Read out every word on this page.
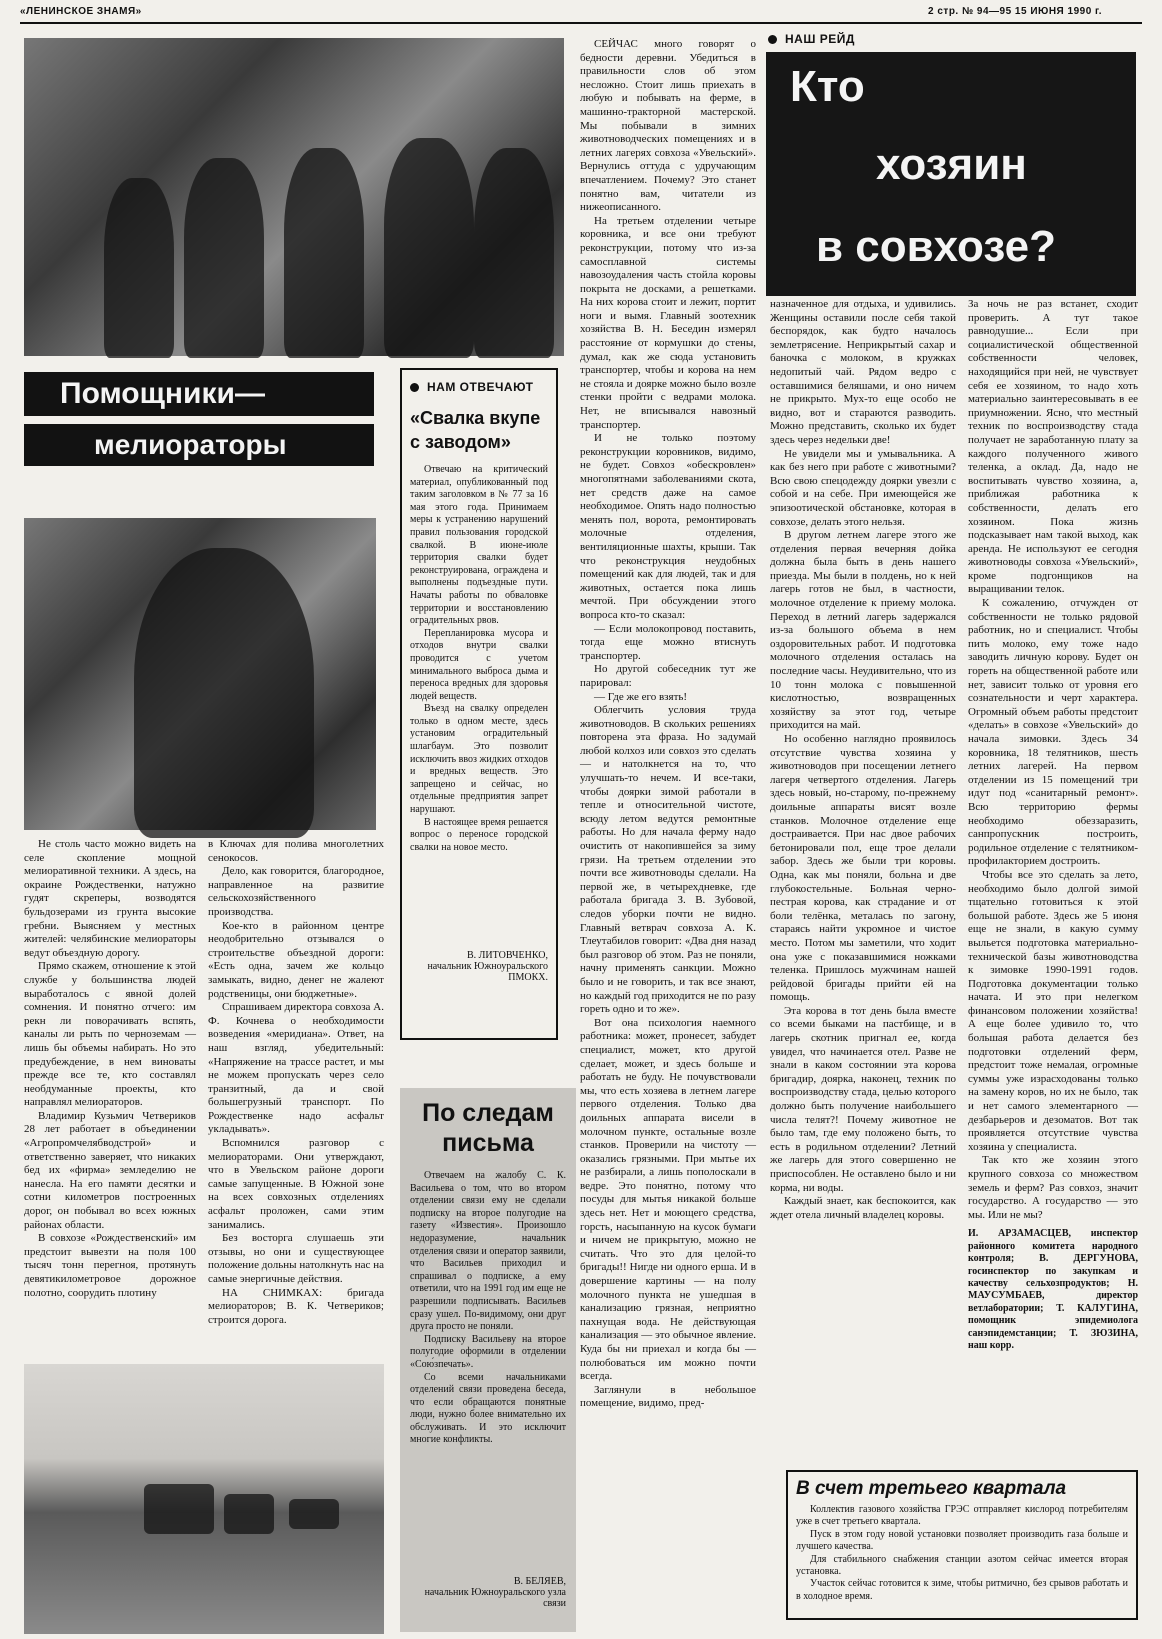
«ЛЕНИНСКОЕ ЗНАМЯ»	2 стр. № 94—95 15 ИЮНЯ 1990 г.
Помощники—
мелиораторы

Не столь часто можно видеть на селе скопление мощной мелиоративной техники. А здесь, на окраине Рождественки, натужно гудят скреперы, возводятся бульдозерами из грунта высокие гребни. Выясняем у местных жителей: челябинские мелиораторы ведут объездную дорогу.

Прямо скажем, отношение к этой службе у большинства людей выработалось с явной долей сомнения. И понятно отчего: им рекн ли поворачивать вспять, каналы ли рыть по черноземам — лишь бы объемы набирать. Но это предубеждение, в нем виноваты прежде все те, кто составлял необдуманные проекты, кто направлял мелиораторов.

Владимир Кузьмич Четвериков 28 лет работает в объединении «Агропромчелябводстрой» и ответственно заверяет, что никаких бед их «фирма» земледелию не нанесла. На его памяти десятки и сотни километров построенных дорог, он побывал во всех южных районах области.

В совхозе «Рождественский» им предстоит вывезти на поля 100 тысяч тонн перегноя, протянуть девятикилометровое дорожное полотно, соорудить плотину

в Ключах для полива многолетних сенокосов.

Дело, как говорится, благородное, направленное на развитие сельскохозяйственного производства.

Кое-кто в районном центре неодобрительно отзывался о строительстве объездной дороги: «Есть одна, зачем же кольцо замыкать, видно, денег не жалеют родственицы, они бюджетные».

Спрашиваем директора совхоза А. Ф. Кочнева о необходимости возведения «меридиана». Ответ, на наш взгляд, убедительный: «Напряжение на трассе растет, и мы не можем пропускать через село транзитный, да и свой большегрузный транспорт. По Рождественке надо асфальт укладывать».

Вспомнился разговор с мелиораторами. Они утверждают, что в Увельском районе дороги самые запущенные. В Южной зоне на всех совхозных отделениях асфальт проложен, сами этим занимались.

Без восторга слушаешь эти отзывы, но они и существующее положение дольны натолкнуть нас на самые энергичные действия.

НА СНИМКАХ: бригада мелиораторов; В. К. Четвериков; строится дорога.

НАМ ОТВЕЧАЮТ
«Свалка вкупе с заводом»

Отвечаю на критический материал, опубликованный под таким заголовком в № 77 за 16 мая этого года. Принимаем меры к устранению нарушений правил пользования городской свалкой. В июне-июле территория свалки будет реконструирована, ограждена и выполнены подъездные пути. Начаты работы по обваловке территории и восстановлению оградительных рвов.

Перепланировка мусора и отходов внутри свалки проводится с учетом минимального выброса дыма и переноса вредных для здоровья людей веществ.

Въезд на свалку определен только в одном месте, здесь установим оградительный шлагбаум. Это позволит исключить ввоз жидких отходов и вредных веществ. Это запрещено и сейчас, но отдельные предприятия запрет нарушают.

В настоящее время решается вопрос о переносе городской свалки на новое место.

В. ЛИТОВЧЕНКО,
начальник Южноуральского ПМОКХ.
По следам письма

Отвечаем на жалобу С. К. Васильева о том, что во втором отделении связи ему не сделали подписку на второе полугодие на газету «Известия». Произошло недоразумение, начальник отделения связи и оператор заявили, что Васильев приходил и спрашивал о подписке, а ему ответили, что на 1991 год им еще не разрешили подписывать. Васильев сразу ушел. По-видимому, они друг друга просто не поняли.

Подписку Васильеву на второе полугодие оформили в отделении «Сою́зпечать».

Со всеми начальниками отделений связи проведена беседа, что если обращаются понятные люди, нужно более внимательно их обслуживать. И это исключит многие конфликты.

В. БЕЛЯЕВ,
начальник Южноуральского узла связи
НАШ РЕЙД
Кто
хозяин
в совхозе?

СЕЙЧАС много говорят о бедности деревни. Убедиться в правильности слов об этом несложно. Стоит лишь приехать в любую и побывать на ферме, в машинно-тракторной мастерской. Мы побывали в зимних животноводческих помещениях и в летних лагерях совхоза «Увельский». Вернулись оттуда с удручающим впечатлением. Почему? Это станет понятно вам, читатели из нижеописанного.

На третьем отделении четыре коровника, и все они требуют реконструкции, потому что из-за самосплавной системы навозоудаления часть стойла коровы покрыта не досками, а решетками. На них корова стоит и лежит, портит ноги и вымя. Главный зоотехник хозяйства В. Н. Беседин измерял расстояние от кормушки до стены, думал, как же сюда установить транспортер, чтобы и корова на нем не стояла и доярке можно было возле стенки пройти с ведрами молока. Нет, не вписывался навозный транспортер.

И не только поэтому реконструкции коровников, видимо, не будет. Совхоз «обескровлен» многопятнами заболеваниями скота, нет средств даже на самое необходимое. Опять надо полностью менять пол, ворота, ремонтировать молочные отделения, вентиляционные шахты, крыши. Так что реконструкция неудобных помещений как для людей, так и для животных, остается пока лишь мечтой. При обсуждении этого вопроса кто-то сказал:

— Если молокопровод поставить, тогда еще можно втиснуть транспортер.

Но другой собеседник тут же парировал:

— Где же его взять!

Облегчить условия труда животноводов. В скольких решениях повторена эта фраза. Но задумай любой колхоз или совхоз это сделать — и натолкнется на то, что улучшать-то нечем. И все-таки, чтобы доярки зимой работали в тепле и относительной чистоте, всюду летом ведутся ремонтные работы. Но для начала ферму надо очистить от накопившейся за зиму грязи. На третьем отделении это почти все животноводы сделали. На первой же, в четырехдневке, где работала бригада З. В. Зубовой, следов уборки почти не видно. Главный ветврач совхоза А. К. Тлеутабилов говорит: «Два дня назад был разговор об этом. Раз не поняли, начну применять санкции. Можно было и не говорить, и так все знают, но каждый год приходится не по разу гореть одно и то же».

Вот она психология наемного работника: может, пронесет, забудет специалист, может, кто другой сделает, может, и здесь больше и работать не буду. Не почувствовали мы, что есть хозяева в летнем лагере первого отделения. Только два доильных аппарата висели в молочном пункте, остальные возле станков. Проверили на чистоту — оказались грязными. При мытье их не разбирали, а лишь пополоскали в ведре. Это понятно, потому что посуды для мытья никакой больше здесь нет. Нет и моющего средства, горсть, насыпанную на кусок бумаги и ничем не прикрытую, можно не считать. Что это для целой-то бригады!! Нигде ни одного ерша. И в довершение картины — на полу молочного пункта не ушедшая в канализацию грязная, неприятно пахнущая вода. Не действующая канализация — это обычное явление. Куда бы ни приехал и когда бы — полюбоваться им можно почти всегда.

Заглянули в небольшое помещение, видимо, пред-

назначенное для отдыха, и удивились. Женщины оставили после себя такой беспорядок, как будто началось землетрясение. Неприкрытый сахар и баночка с молоком, в кружках недопитый чай. Рядом ведро с оставшимися беляшами, и оно ничем не прикрыто. Мух-то еще особо не видно, вот и стараются разводить. Можно представить, сколько их будет здесь через недельки две!

Не увидели мы и умывальника. А как без него при работе с животными? Всю свою спецодежду доярки увезли с собой и на себе. При имеющейся же эпизоотической обстановке, которая в совхозе, делать этого нельзя.

В другом летнем лагере этого же отделения первая вечерняя дойка должна была быть в день нашего приезда. Мы были в полдень, но к ней лагерь готов не был, в частности, молочное отделение к приему молока. Переход в летний лагерь задержался из-за большого объема в нем оздоровительных работ. И подготовка молочного отделения осталась на последние часы. Неудивительно, что из 10 тонн молока с повышенной кислотностью, возвращенных хозяйству за этот год, четыре приходится на май.

Но особенно наглядно проявилось отсутствие чувства хозяина у животноводов при посещении летнего лагеря четвертого отделения. Лагерь здесь новый, но-старому, по-прежнему доильные аппараты висят возле станков. Молочное отделение еще достраивается. При нас двое рабочих бетонировали пол, еще трое делали забор. Здесь же были три коровы. Одна, как мы поняли, больна и две глубокостельные. Больная черно-пестрая корова, как страдание и от боли телёнка, металась по загону, стараясь найти укромное и чистое место. Потом мы заметили, что ходит она уже с показавшимися ножками теленка. Пришлось мужчинам нашей рейдовой бригады прийти ей на помощь.

Эта корова в тот день была вместе со всеми быками на пастбище, и в лагерь скотник пригнал ее, когда увидел, что начинается отел. Разве не знали в каком состоянии эта корова бригадир, доярка, наконец, техник по воспроизводству стада, целью которого должно быть получение наибольшего числа телят?! Почему животное не было там, где ему положено быть, то есть в родильном отделении? Летний же лагерь для этого совершенно не приспособлен. Не оставлено было и ни корма, ни воды.

Каждый знает, как беспокоится, как ждет отела личный владелец коровы.

За ночь не раз встанет, сходит проверить. А тут такое равнодушие... Если при социалистической общественной собственности человек, находящийся при ней, не чувствует себя ее хозяином, то надо хоть материально заинтересовывать в ее приумножении. Ясно, что местный техник по воспроизводству стада получает не заработанную плату за каждого полученного живого теленка, а оклад. Да, надо не воспитывать чувство хозяина, а, приближая работника к собственности, делать его хозяином. Пока жизнь подсказывает нам такой выход, как аренда. Не используют ее сегодня животноводы совхоза «Увельский», кроме подгонщиков на выращивании телок.

К сожалению, отчужден от собственности не только рядовой работник, но и специалист. Чтобы пить молоко, ему тоже надо заводить личную корову. Будет он гореть на общественной работе или нет, зависит только от уровня его сознательности и черт характера. Огромный объем работы предстоит «делать» в совхозе «Увельский» до начала зимовки. Здесь 34 коровника, 18 телятников, шесть летних лагерей. На первом отделении из 15 помещений три идут под «санитарный ремонт». Всю территорию фермы необходимо обеззаразить, санпропускник построить, родильное отделение с телятником-профилакторием достроить.

Чтобы все это сделать за лето, необходимо было долгой зимой тщательно готовиться к этой большой работе. Здесь же 5 июня еще не знали, в какую сумму выльется подготовка материально-технической базы животноводства к зимовке 1990-1991 годов. Подготовка документации только начата. И это при нелегком финансовом положении хозяйства! А еще более удивило то, что большая работа делается без подготовки отделений ферм, предстоит тоже немалая, огромные суммы уже израсходованы только на замену коров, но их не было, так и нет самого элементарного — дезбарьеров и дезоматов. Вот так проявляется отсутствие чувства хозяина у специалиста.

Так кто же хозяин этого крупного совхоза со множеством земель и ферм? Раз совхоз, значит государство. А государство — это мы. Или не мы?

И. АРЗАМАСЦЕВ, инспектор районного комитета народного контроля; В. ДЕРГУНОВА, госинспектор по закупкам и качеству сельхозпродуктов; Н. МАУСУМБАЕВ, директор ветлаборатории; Т. КАЛУГИНА, помощник эпидемиолога санэпидемстанции; Т. ЗЮЗИНА, наш корр.

В счет третьего квартала

Коллектив газового хозяйства ГРЭС отправляет кислород потребителям уже в счет третьего квартала.

Пуск в этом году новой установки позволяет производить газа больше и лучшего качества.

Для стабильного снабжения станции азотом сейчас имеется вторая установка.

Участок сейчас готовится к зиме, чтобы ритмично, без срывов работать и в холодное время.
